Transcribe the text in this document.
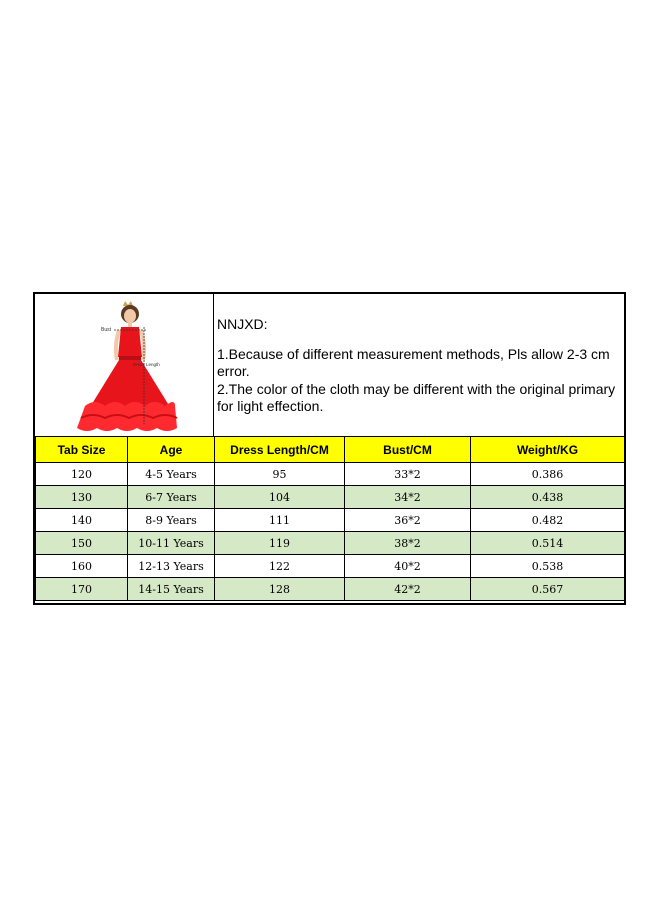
Bust
Dress Length
NNJXD:
1.Because of different measurement methods, Pls allow 2-3 cm error.
2.The color of the cloth may be different with the original primary for light effection.
Tab Size	Age	Dress Length/CM	Bust/CM	Weight/KG
120	4-5 Years	95	33*2	0.386
130	6-7 Years	104	34*2	0.438
140	8-9 Years	111	36*2	0.482
150	10-11 Years	119	38*2	0.514
160	12-13 Years	122	40*2	0.538
170	14-15 Years	128	42*2	0.567
